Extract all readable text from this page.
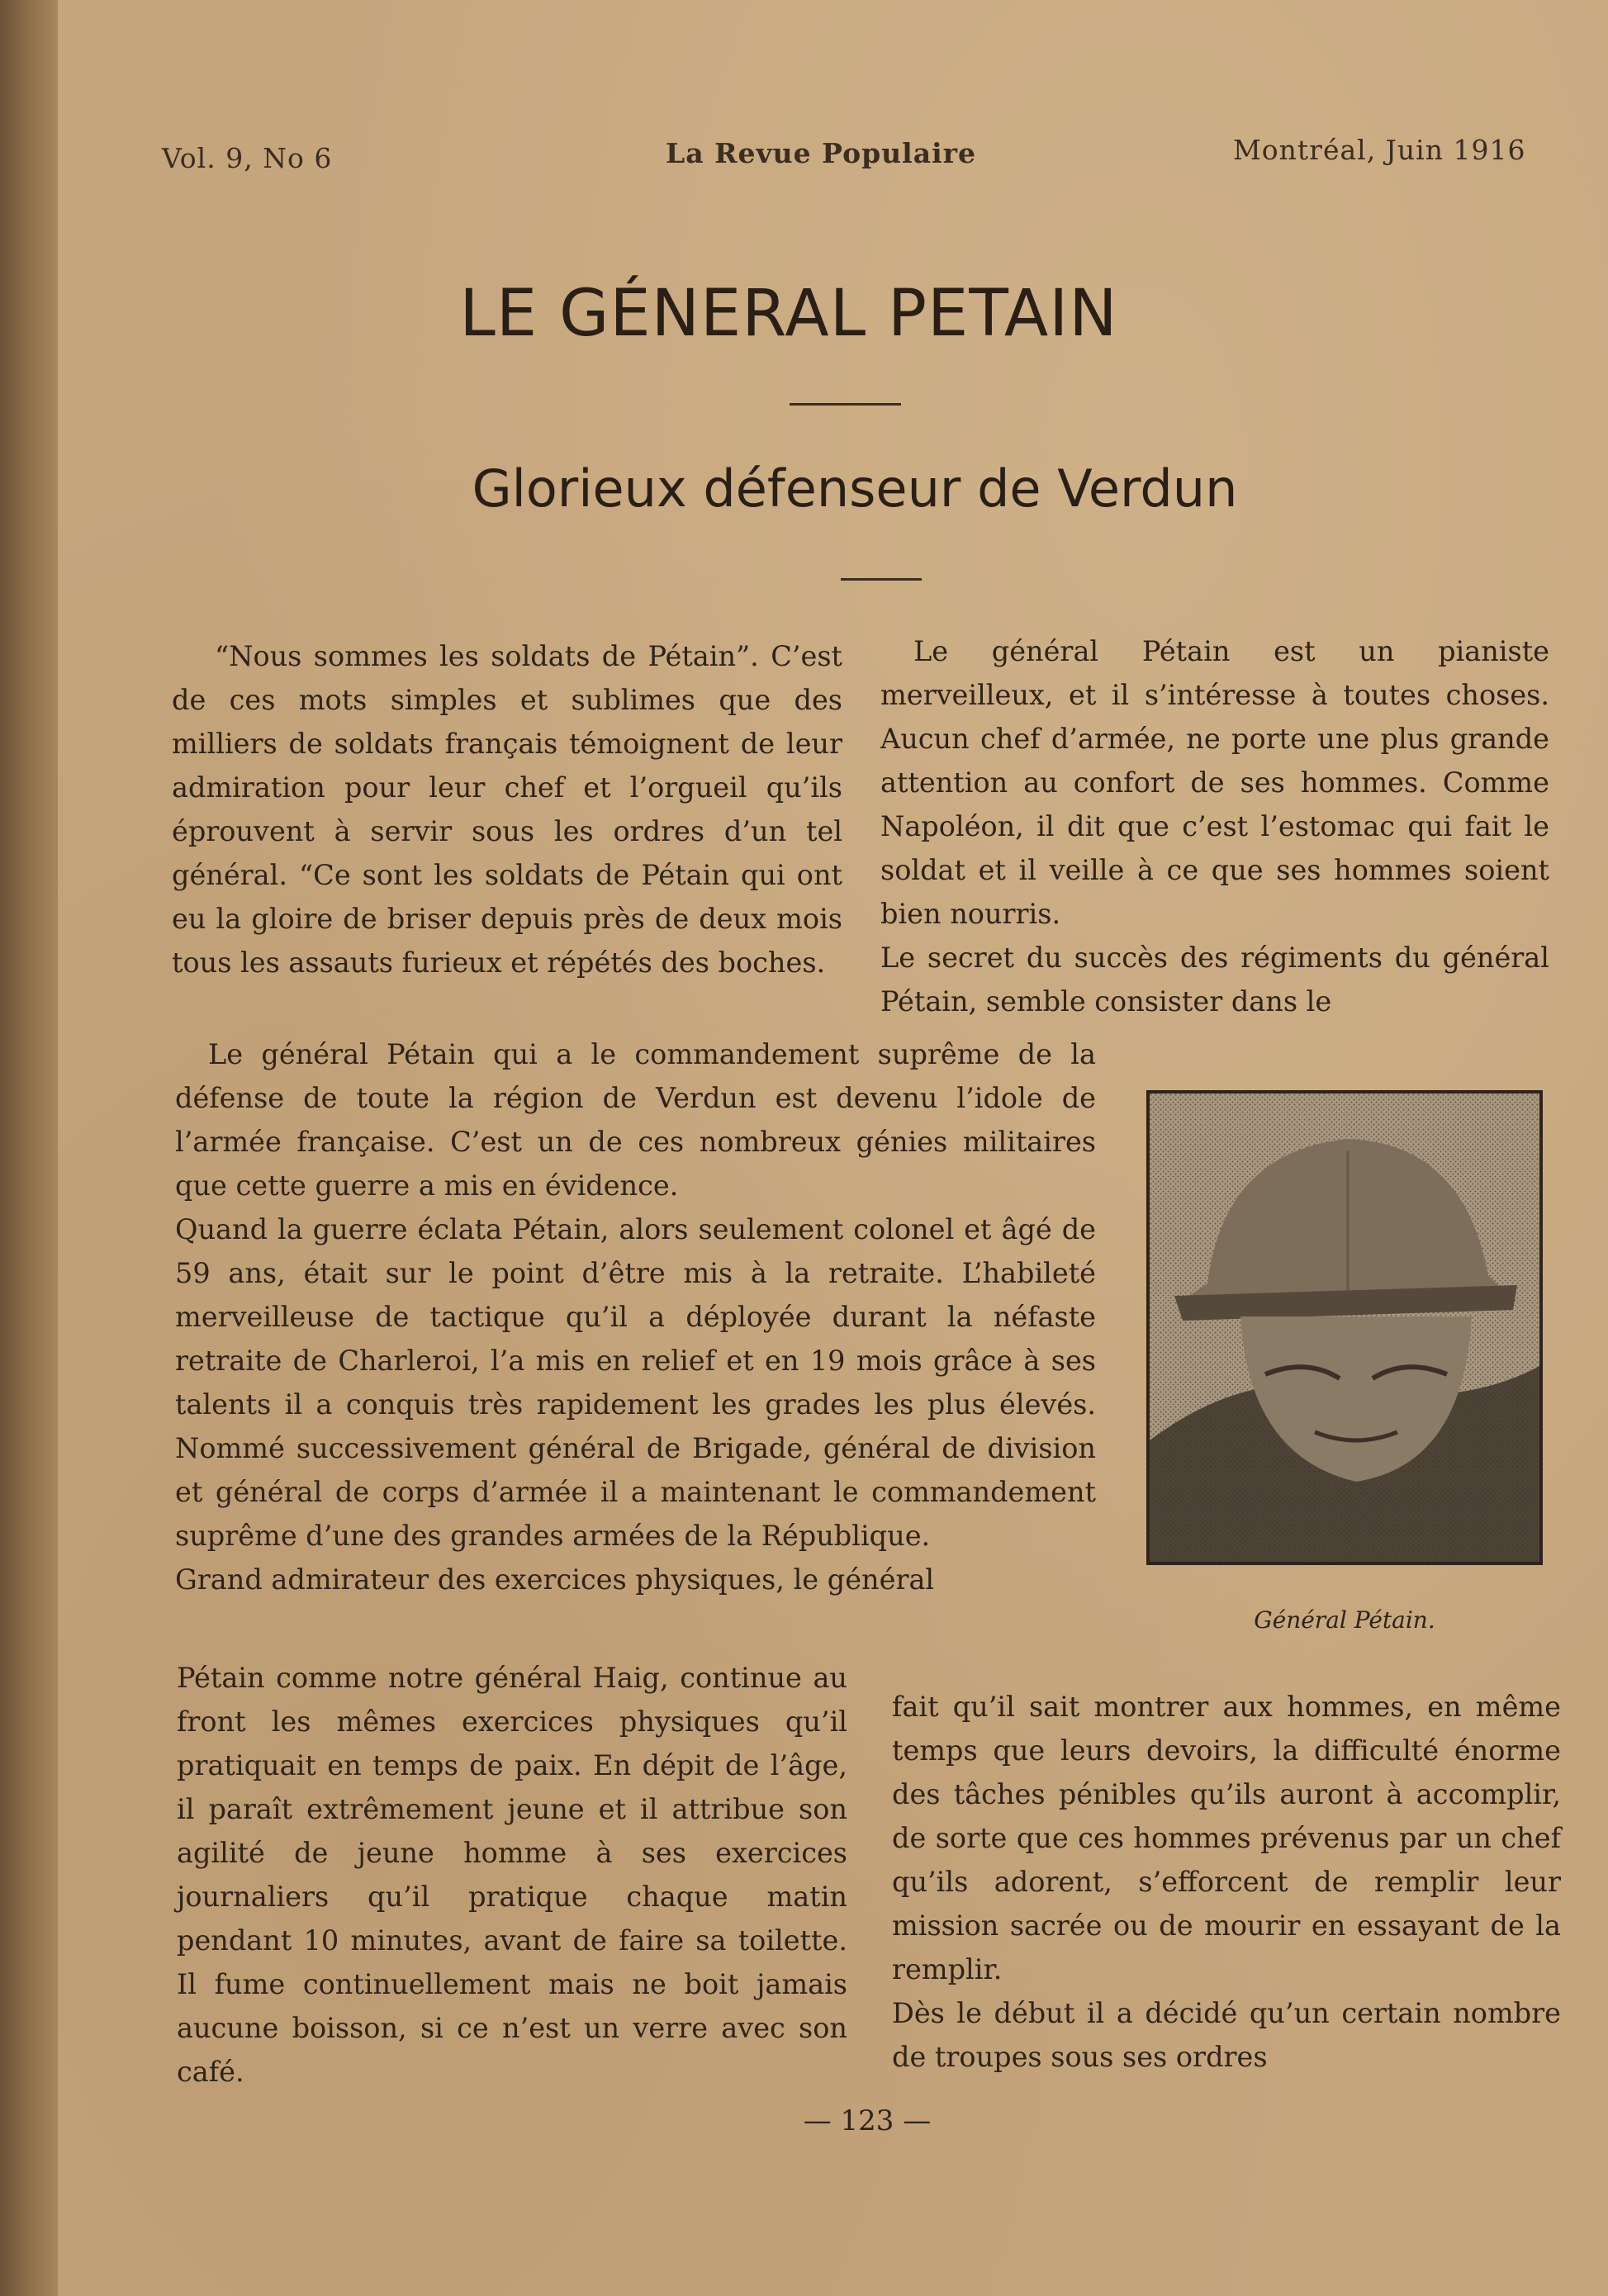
Vol. 9, No 6	La Revue Populaire	Montréal, Juin 1916
LE GÉNERAL PETAIN
Glorieux défenseur de Verdun
“Nous sommes les soldats de Pétain”. C’est de ces mots simples et sublimes que des milliers de soldats français témoignent de leur admiration pour leur chef et l’orgueil qu’ils éprouvent à servir sous les ordres d’un tel général. “Ce sont les soldats de Pétain qui ont eu la gloire de briser depuis près de deux mois tous les assauts furieux et répétés des boches.
Le général Pétain est un pianiste merveilleux, et il s’intéresse à toutes choses. Aucun chef d’armée, ne porte une plus grande attention au confort de ses hommes. Comme Napoléon, il dit que c’est l’estomac qui fait le soldat et il veille à ce que ses hommes soient bien nourris.
Le secret du succès des régiments du général Pétain, semble consister dans le
Le général Pétain qui a le commandement suprême de la défense de toute la région de Verdun est devenu l’idole de l’armée française. C’est un de ces nombreux génies militaires que cette guerre a mis en évidence.
Quand la guerre éclata Pétain, alors seulement colonel et âgé de 59 ans, était sur le point d’être mis à la retraite. L’habileté merveilleuse de tactique qu’il a déployée durant la néfaste retraite de Charleroi, l’a mis en relief et en 19 mois grâce à ses talents il a conquis très rapidement les grades les plus élevés. Nommé successivement général de Brigade, général de division et général de corps d’armée il a maintenant le commandement suprême d’une des grandes armées de la République.
Grand admirateur des exercices physiques, le général
Général Pétain.
Pétain comme notre général Haig, continue au front les mêmes exercices physiques qu’il pratiquait en temps de paix. En dépit de l’âge, il paraît extrêmement jeune et il attribue son agilité de jeune homme à ses exercices journaliers qu’il pratique chaque matin pendant 10 minutes, avant de faire sa toilette. Il fume continuellement mais ne boit jamais aucune boisson, si ce n’est un verre avec son café.
fait qu’il sait montrer aux hommes, en même temps que leurs devoirs, la difficulté énorme des tâches pénibles qu’ils auront à accomplir, de sorte que ces hommes prévenus par un chef qu’ils adorent, s’efforcent de remplir leur mission sacrée ou de mourir en essayant de la remplir.
Dès le début il a décidé qu’un certain nombre de troupes sous ses ordres
— 123 —
